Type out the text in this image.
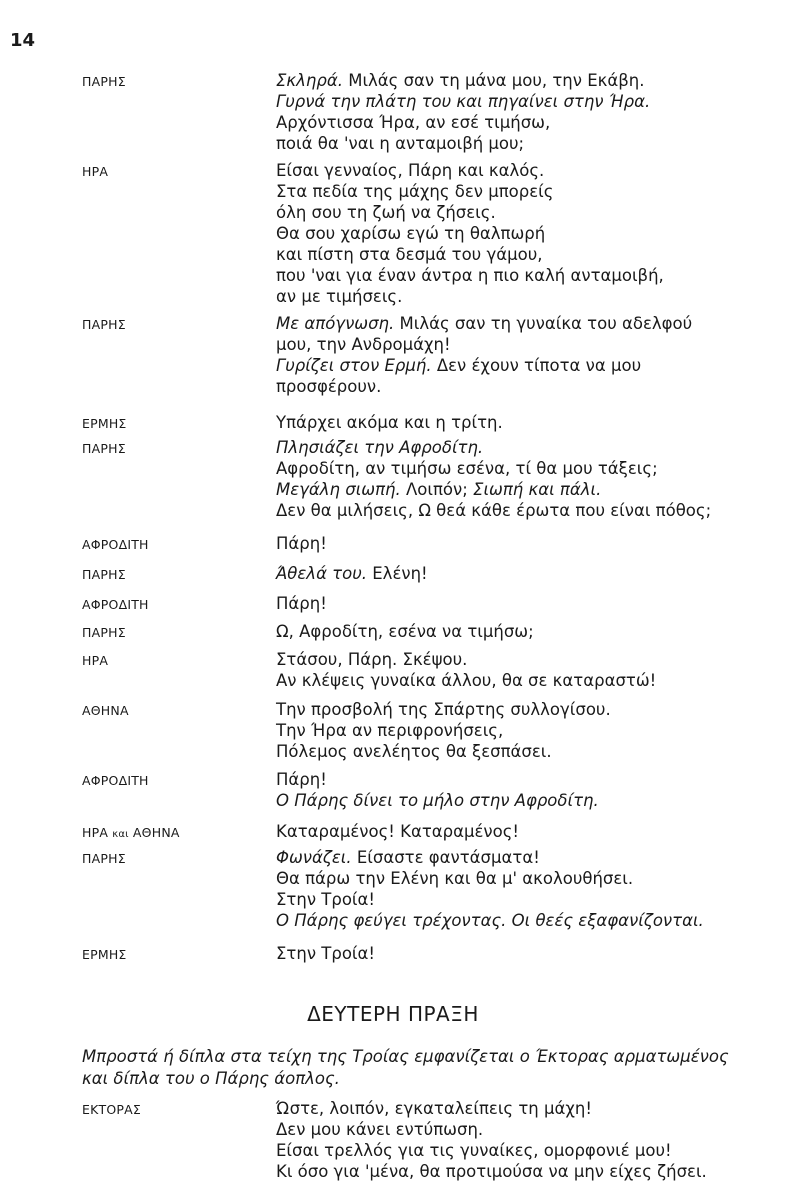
14
ΠΑΡΗΣ	Σκληρά. Μιλάς σαν τη μάνα μου, την Εκάβη.
Γυρνά την πλάτη του και πηγαίνει στην Ήρα.
Αρχόντισσα Ήρα, αν εσέ τιμήσω,
ποιά θα 'ναι η ανταμοιβή μου;
ΗΡΑ	Είσαι γενναίος, Πάρη και καλός.
Στα πεδία της μάχης δεν μπορείς
όλη σου τη ζωή να ζήσεις.
Θα σου χαρίσω εγώ τη θαλπωρή
και πίστη στα δεσμά του γάμου,
που 'ναι για έναν άντρα η πιο καλή ανταμοιβή,
αν με τιμήσεις.
ΠΑΡΗΣ	Με απόγνωση. Μιλάς σαν τη γυναίκα του αδελφού
μου, την Ανδρομάχη!
Γυρίζει στον Ερμή. Δεν έχουν τίποτα να μου
προσφέρουν.
ΕΡΜΗΣ	Υπάρχει ακόμα και η τρίτη.
ΠΑΡΗΣ	Πλησιάζει την Αφροδίτη.
Αφροδίτη, αν τιμήσω εσένα, τί θα μου τάξεις;
Μεγάλη σιωπή. Λοιπόν; Σιωπή και πάλι.
Δεν θα μιλήσεις, Ω θεά κάθε έρωτα που είναι πόθος;
ΑΦΡΟΔΙΤΗ	Πάρη!
ΠΑΡΗΣ	Άθελά του. Ελένη!
ΑΦΡΟΔΙΤΗ	Πάρη!
ΠΑΡΗΣ	Ω, Αφροδίτη, εσένα να τιμήσω;
ΗΡΑ	Στάσου, Πάρη. Σκέψου.
Αν κλέψεις γυναίκα άλλου, θα σε καταραστώ!
ΑΘΗΝΑ	Την προσβολή της Σπάρτης συλλογίσου.
Την Ήρα αν περιφρονήσεις,
Πόλεμος ανελέητος θα ξεσπάσει.
ΑΦΡΟΔΙΤΗ	Πάρη!
Ο Πάρης δίνει το μήλο στην Αφροδίτη.
ΗΡΑ και ΑΘΗΝΑ	Καταραμένος! Καταραμένος!
ΠΑΡΗΣ	Φωνάζει. Είσαστε φαντάσματα!
Θα πάρω την Ελένη και θα μ' ακολουθήσει.
Στην Τροία!
Ο Πάρης φεύγει τρέχοντας. Οι θεές εξαφανίζονται.
ΕΡΜΗΣ	Στην Τροία!
ΕΚΤΟΡΑΣ	Ώστε, λοιπόν, εγκαταλείπεις τη μάχη!
Δεν μου κάνει εντύπωση.
Είσαι τρελλός για τις γυναίκες, ομορφονιέ μου!
Κι όσο για 'μένα, θα προτιμούσα να μην είχες ζήσει.
ΔΕΥΤΕΡΗ ΠΡΑΞΗ
Μπροστά ή δίπλα στα τείχη της Τροίας εμφανίζεται ο Έκτορας αρματωμένος
και δίπλα του ο Πάρης άοπλος.
